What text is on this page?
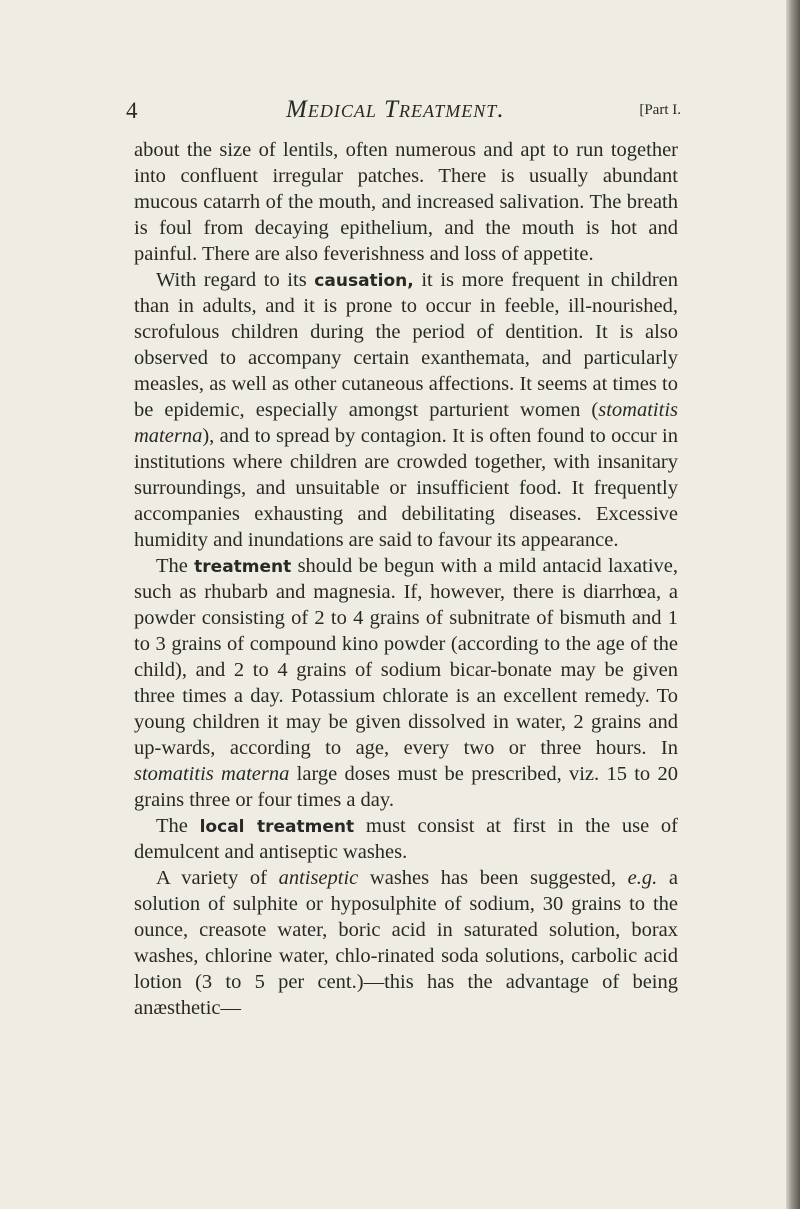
4	Medical Treatment.	[Part I.

about the size of lentils, often numerous and apt to run together into confluent irregular patches. There is usually abundant mucous catarrh of the mouth, and increased salivation. The breath is foul from decaying epithelium, and the mouth is hot and painful. There are also feverishness and loss of appetite.

With regard to its causation, it is more frequent in children than in adults, and it is prone to occur in feeble, ill-nourished, scrofulous children during the period of dentition. It is also observed to accompany certain exanthemata, and particularly measles, as well as other cutaneous affections. It seems at times to be epidemic, especially amongst parturient women (stomatitis materna), and to spread by contagion. It is often found to occur in institutions where children are crowded together, with insanitary surroundings, and unsuitable or insufficient food. It frequently accompanies exhausting and debilitating diseases. Excessive humidity and inundations are said to favour its appearance.

The treatment should be begun with a mild antacid laxative, such as rhubarb and magnesia. If, however, there is diarrhœa, a powder consisting of 2 to 4 grains of subnitrate of bismuth and 1 to 3 grains of compound kino powder (according to the age of the child), and 2 to 4 grains of sodium bicar-bonate may be given three times a day. Potassium chlorate is an excellent remedy. To young children it may be given dissolved in water, 2 grains and up-wards, according to age, every two or three hours. In stomatitis materna large doses must be prescribed, viz. 15 to 20 grains three or four times a day.

The local treatment must consist at first in the use of demulcent and antiseptic washes.

A variety of antiseptic washes has been suggested, e.g. a solution of sulphite or hyposulphite of sodium, 30 grains to the ounce, creasote water, boric acid in saturated solution, borax washes, chlorine water, chlo-rinated soda solutions, carbolic acid lotion (3 to 5 per cent.)—this has the advantage of being anæsthetic—
